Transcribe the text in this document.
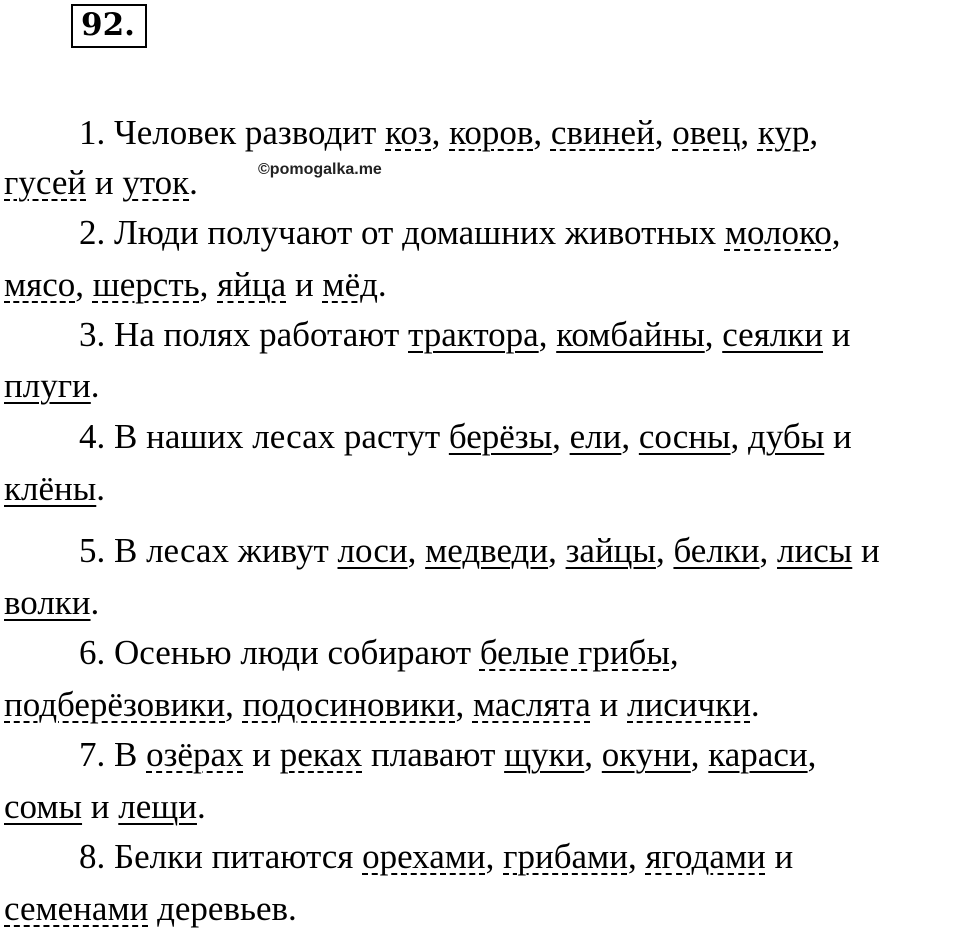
92.
©pomogalka.me
1. Человек разводит коз, коров, свиней, овец, кур,
гусей и уток.
2. Люди получают от домашних животных молоко,
мясо, шерсть, яйца и мёд.
3. На полях работают трактора, комбайны, сеялки и
плуги.
4. В наших лесах растут берёзы, ели, сосны, дубы и
клёны.
5. В лесах живут лоси, медведи, зайцы, белки, лисы и
волки.
6. Осенью люди собирают белые грибы,
подберёзовики, подосиновики, маслята и лисички.
7. В озёрах и реках плавают щуки, окуни, караси,
сомы и лещи.
8. Белки питаются орехами, грибами, ягодами и
семенами деревьев.
